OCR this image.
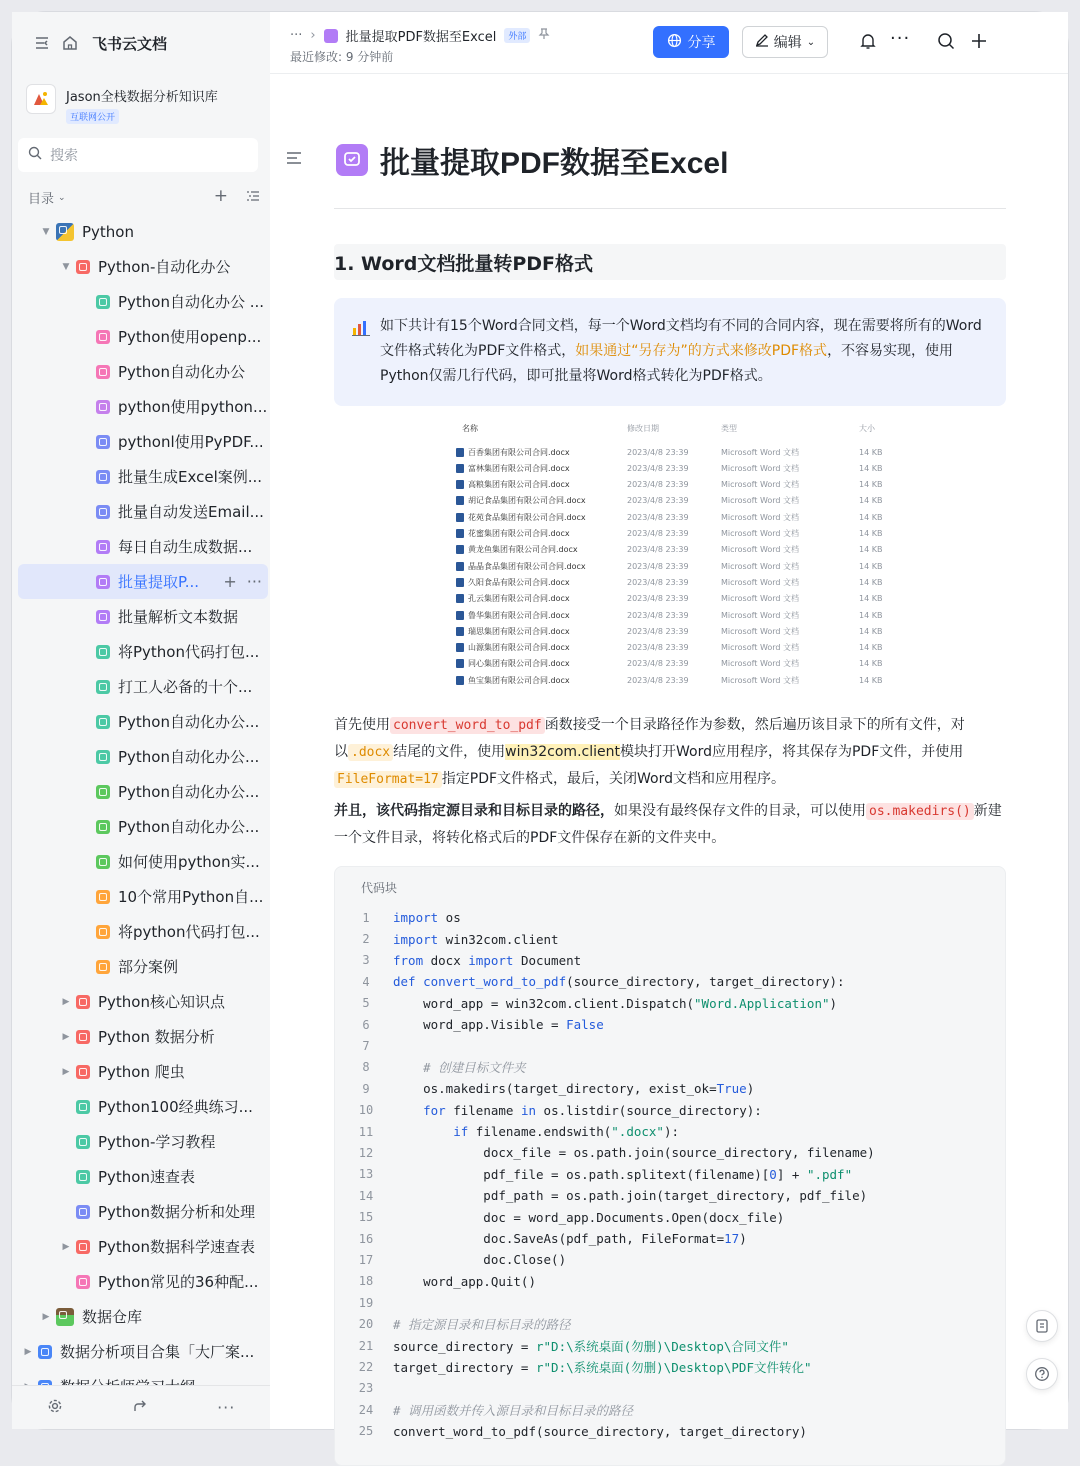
飞书云文档
Jason全栈数据分析知识库
互联网公开
搜索
目录 ⌄	+
▼ Python
▼ Python-自动化办公
Python自动化办公 ...
Python使用openp...
Python自动化办公
python使用python...
pythonl使用PyPDF...
批量生成Excel案例...
批量自动发送Email...
每日自动生成数据...
批量提取P... + ···
批量解析文本数据
将Python代码打包...
打工人必备的十个...
Python自动化办公...
Python自动化办公...
Python自动化办公...
Python自动化办公...
如何使用python实...
10个常用Python自...
将python代码打包...
部分案例
▶ Python核心知识点
▶ Python 数据分析
▶ Python 爬虫
Python100经典练习...
Python-学习教程
Python速查表
Python数据分析和处理
▶ Python数据科学速查表
Python常见的36种配...
▶ 数据仓库
▶ 数据分析项目合集「大厂案...
···
··· › 批量提取PDF数据至Excel	外部
最近修改: 9 分钟前
分享	编辑 ⌄	···
批量提取PDF数据至Excel
1. Word文档批量转PDF格式
如下共计有15个Word合同文档，每一个Word文档均有不同的合同内容，现在需要将所有的Word文件格式转化为PDF文件格式，如果通过“另存为”的方式来修改PDF格式，不容易实现，使用Python仅需几行代码，即可批量将Word格式转化为PDF格式。
名称	修改日期	类型	大小
百香集团有限公司合同.docx	2023/4/8 23:39	Microsoft Word 文档	14 KB
富林集团有限公司合同.docx	2023/4/8 23:39	Microsoft Word 文档	14 KB
高粮集团有限公司合同.docx	2023/4/8 23:39	Microsoft Word 文档	14 KB
胡记食品集团有限公司合同.docx	2023/4/8 23:39	Microsoft Word 文档	14 KB
花苑食品集团有限公司合同.docx	2023/4/8 23:39	Microsoft Word 文档	14 KB
花蜜集团有限公司合同.docx	2023/4/8 23:39	Microsoft Word 文档	14 KB
黄龙鱼集团有限公司合同.docx	2023/4/8 23:39	Microsoft Word 文档	14 KB
晶晶食品集团有限公司合同.docx	2023/4/8 23:39	Microsoft Word 文档	14 KB
久阳食品有限公司合同.docx	2023/4/8 23:39	Microsoft Word 文档	14 KB
孔云集团有限公司合同.docx	2023/4/8 23:39	Microsoft Word 文档	14 KB
鲁华集团有限公司合同.docx	2023/4/8 23:39	Microsoft Word 文档	14 KB
瑞思集团有限公司合同.docx	2023/4/8 23:39	Microsoft Word 文档	14 KB
山源集团有限公司合同.docx	2023/4/8 23:39	Microsoft Word 文档	14 KB
同心集团有限公司合同.docx	2023/4/8 23:39	Microsoft Word 文档	14 KB
鱼宝集团有限公司合同.docx	2023/4/8 23:39	Microsoft Word 文档	14 KB
首先使用 convert_word_to_pdf 函数接受一个目录路径作为参数，然后遍历该目录下的所有文件，对以 .docx 结尾的文件，使用win32com.client模块打开Word应用程序，将其保存为PDF文件，并使用FileFormat=17 指定PDF文件格式，最后，关闭Word文档和应用程序。
并且，该代码指定源目录和目标目录的路径，如果没有最终保存文件的目录，可以使用 os.makedirs() 新建一个文件目录，将转化格式后的PDF文件保存在新的文件夹中。
代码块
1	import os
2	import win32com.client
3	from docx import Document
4	def convert_word_to_pdf(source_directory, target_directory):
5	word_app = win32com.client.Dispatch("Word.Application")
6	word_app.Visible = False
7
8	# 创建目标文件夹
9	os.makedirs(target_directory, exist_ok=True)
10	for filename in os.listdir(source_directory):
11	if filename.endswith(".docx"):
12	docx_file = os.path.join(source_directory, filename)
13	pdf_file = os.path.splitext(filename)[0] + ".pdf"
14	pdf_path = os.path.join(target_directory, pdf_file)
15	doc = word_app.Documents.Open(docx_file)
16	doc.SaveAs(pdf_path, FileFormat=17)
17	doc.Close()
18	word_app.Quit()
19
20	# 指定源目录和目标目录的路径
21	source_directory = r"D:\系统桌面(勿删)\Desktop\合同文件"
22	target_directory = r"D:\系统桌面(勿删)\Desktop\PDF文件转化"
23
24	# 调用函数并传入源目录和目标目录的路径
25	convert_word_to_pdf(source_directory, target_directory)
